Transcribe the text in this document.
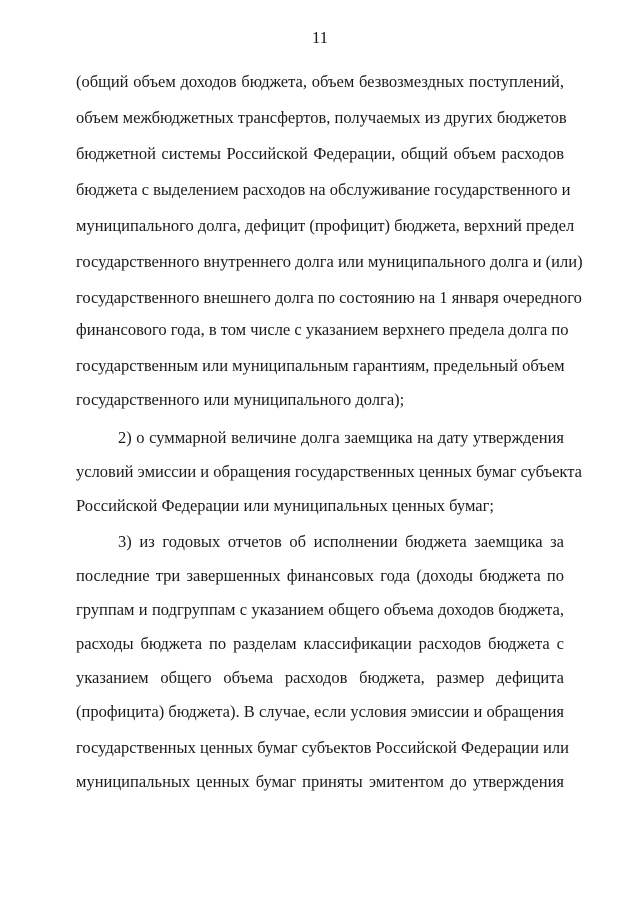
11
(общий объем доходов бюджета, объем безвозмездных поступлений,
объем межбюджетных трансфертов, получаемых из других бюджетов
бюджетной системы Российской Федерации, общий объем расходов
бюджета с выделением расходов на обслуживание государственного и
муниципального долга, дефицит (профицит) бюджета, верхний предел
государственного внутреннего долга или муниципального долга и (или)
государственного внешнего долга по состоянию на 1 января очередного
финансового года, в том числе с указанием верхнего предела долга по
государственным или муниципальным гарантиям, предельный объем
государственного или муниципального долга);
2) о суммарной величине долга заемщика на дату утверждения
условий эмиссии и обращения государственных ценных бумаг субъекта
Российской Федерации или муниципальных ценных бумаг;
3) из годовых отчетов об исполнении бюджета заемщика за
последние три завершенных финансовых года (доходы бюджета по
группам и подгруппам с указанием общего объема доходов бюджета,
расходы бюджета по разделам классификации расходов бюджета с
указанием общего объема расходов бюджета, размер дефицита
(профицита) бюджета). В случае, если условия эмиссии и обращения
государственных ценных бумаг субъектов Российской Федерации или
муниципальных ценных бумаг приняты эмитентом до утверждения
